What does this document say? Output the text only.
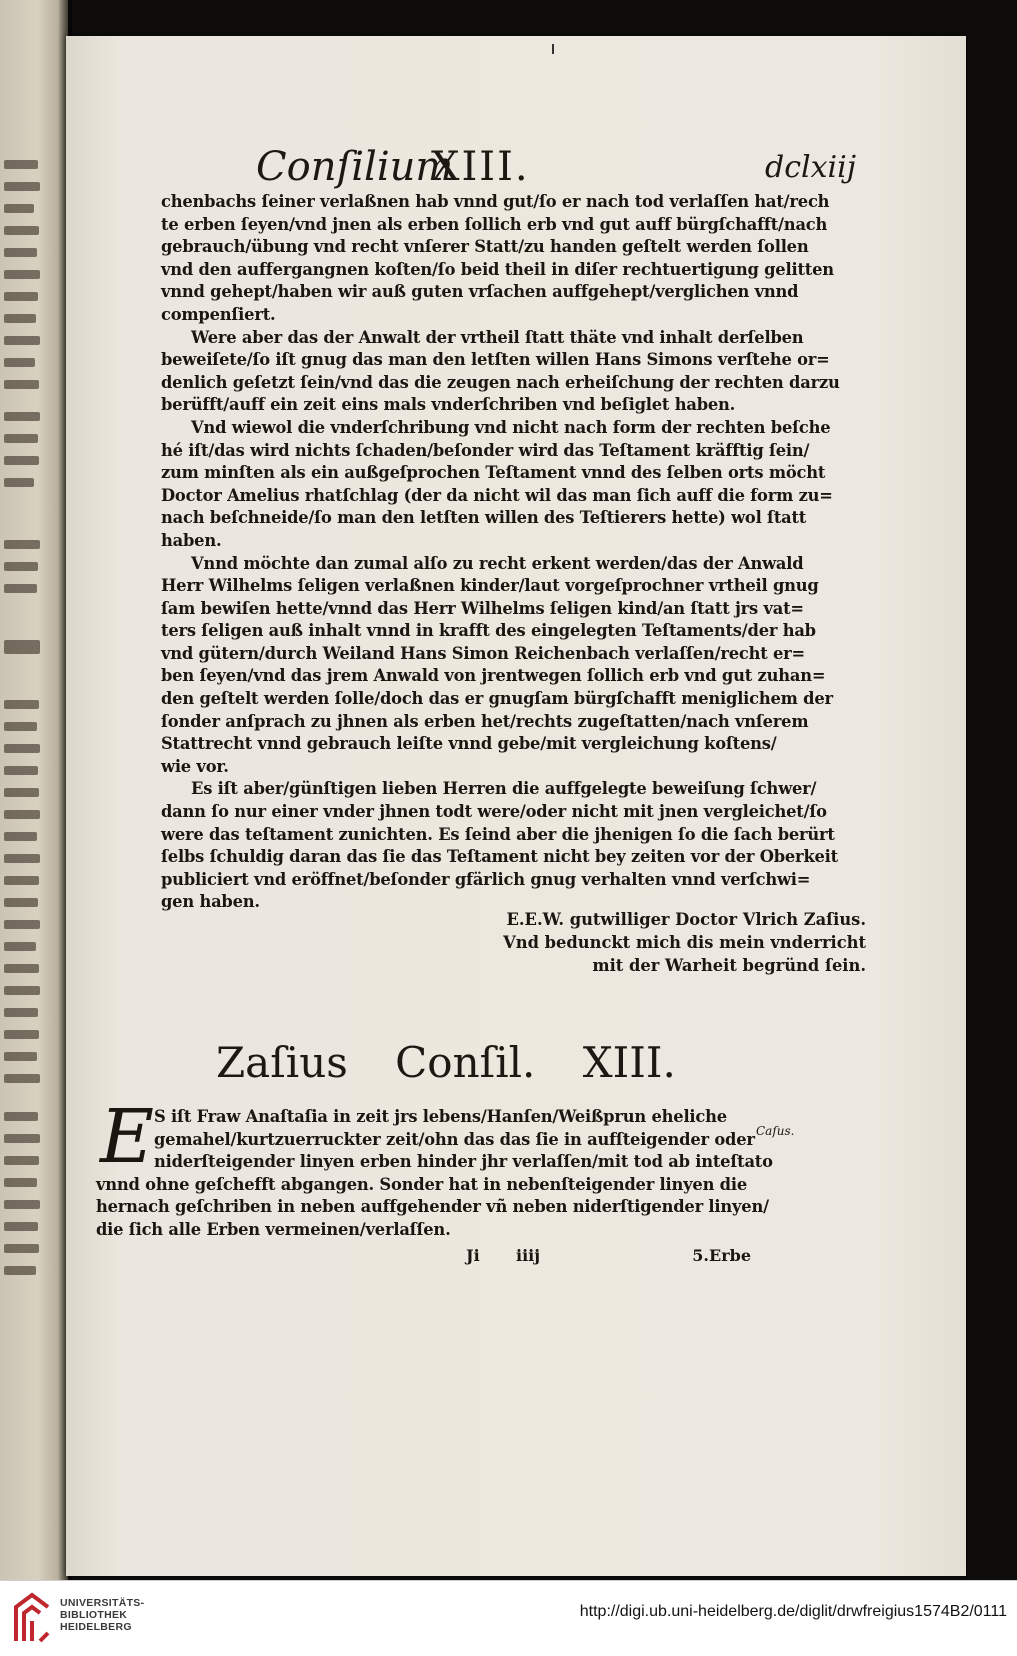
Conſilium
XIII.	dclxiij

chenbachs ſeiner verlaßnen hab vnnd gut/ſo er nach tod verlaſſen hat/rech
te erben ſeyen/vnd jnen als erben ſollich erb vnd gut auff bürgſchafft/nach
gebrauch/übung vnd recht vnſerer Statt/zu handen geſtelt werden ſollen
vnd den auffergangnen koſten/ſo beid theil in diſer rechtuertigung gelitten
vnnd gehept/haben wir auß guten vrſachen auffgehept/verglichen vnnd
compenſiert.

Were aber das der Anwalt der vrtheil ſtatt thäte vnd inhalt derſelben
beweiſete/ſo iſt gnug das man den letſten willen Hans Simons verſtehe or=
denlich geſetzt ſein/vnd das die zeugen nach erheiſchung der rechten darzu
berüfft/auff ein zeit eins mals vnderſchriben vnd beſiglet haben.

Vnd wiewol die vnderſchribung vnd nicht nach form der rechten beſche
hé iſt/das wird nichts ſchaden/beſonder wird das Teſtament kräfftig ſein/
zum minſten als ein außgeſprochen Teſtament vnnd des ſelben orts möcht
Doctor Amelius rhatſchlag (der da nicht wil das man ſich auff die form zu=
nach beſchneide/ſo man den letſten willen des Teſtierers hette) wol ſtatt
haben.

Vnnd möchte dan zumal alſo zu recht erkent werden/das der Anwald
Herr Wilhelms ſeligen verlaßnen kinder/laut vorgeſprochner vrtheil gnug
ſam bewiſen hette/vnnd das Herr Wilhelms ſeligen kind/an ſtatt jrs vat=
ters ſeligen auß inhalt vnnd in krafft des eingelegten Teſtaments/der hab
vnd gütern/durch Weiland Hans Simon Reichenbach verlaſſen/recht er=
ben ſeyen/vnd das jrem Anwald von jrentwegen ſollich erb vnd gut zuhan=
den geſtelt werden ſolle/doch das er gnugſam bürgſchafft meniglichem der
ſonder anſprach zu jhnen als erben het/rechts zugeſtatten/nach vnſerem
Stattrecht vnnd gebrauch leiſte vnnd gebe/mit vergleichung koſtens/
wie vor.

Es iſt aber/günſtigen lieben Herren die auffgelegte beweiſung ſchwer/
dann ſo nur einer vnder jhnen todt were/oder nicht mit jnen vergleichet/ſo
were das teſtament zunichten. Es ſeind aber die jhenigen ſo die ſach berürt
ſelbs ſchuldig daran das ſie das Teſtament nicht bey zeiten vor der Oberkeit
publiciert vnd eröffnet/beſonder gfärlich gnug verhalten vnnd verſchwi=
gen haben.

E.E.W. gutwilliger Doctor Vlrich Zaſius.
Vnd bedunckt mich dis mein vnderricht
mit der Warheit begründ ſein.
Zaſius Conſil. XIII.
E	Caſus.

S iſt Fraw Anaſtaſia in zeit jrs lebens/Hanſen/Weißprun eheliche
gemahel/kurtzuerruckter zeit/ohn das das ſie in aufſteigender oder
niderſteigender linyen erben hinder jhr verlaſſen/mit tod ab inteſtato
vnnd ohne geſchefft abgangen. Sonder hat in nebenſteigender linyen die
hernach geſchriben in neben auffgehender vñ neben niderſtigender linyen/
die ſich alle Erben vermeinen/verlaſſen.

Ji iiij	5.Erbe
UNIVERSITÄTS-
BIBLIOTHEK
HEIDELBERG
http://digi.ub.uni-heidelberg.de/diglit/drwfreigius1574B2/0111
